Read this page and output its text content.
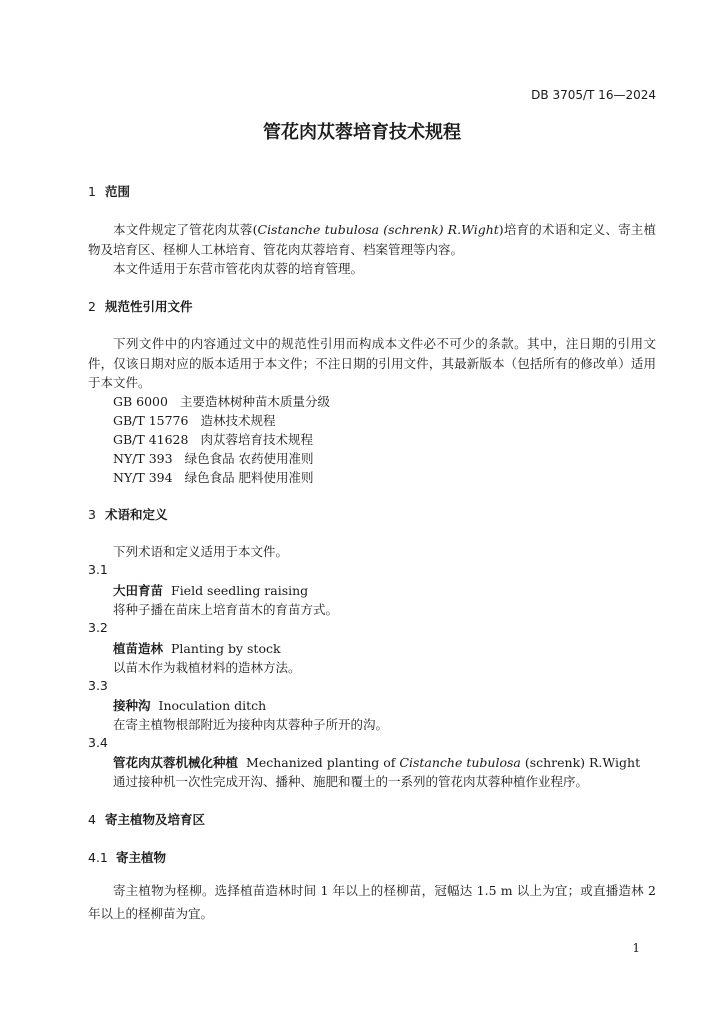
DB 3705/T 16—2024
管花肉苁蓉培育技术规程
1 范围
本文件规定了管花肉苁蓉(Cistanche tubulosa (schrenk) R.Wight)培育的术语和定义、寄主植物及培育区、柽柳人工林培育、管花肉苁蓉培育、档案管理等内容。
本文件适用于东营市管花肉苁蓉的培育管理。
2 规范性引用文件
下列文件中的内容通过文中的规范性引用而构成本文件必不可少的条款。其中，注日期的引用文件，仅该日期对应的版本适用于本文件；不注日期的引用文件，其最新版本（包括所有的修改单）适用于本文件。
GB 6000 主要造林树种苗木质量分级
GB/T 15776 造林技术规程
GB/T 41628 肉苁蓉培育技术规程
NY/T 393 绿色食品 农药使用准则
NY/T 394 绿色食品 肥料使用准则
3 术语和定义
下列术语和定义适用于本文件。
3.1
大田育苗 Field seedling raising
将种子播在苗床上培育苗木的育苗方式。
3.2
植苗造林 Planting by stock
以苗木作为栽植材料的造林方法。
3.3
接种沟 Inoculation ditch
在寄主植物根部附近为接种肉苁蓉种子所开的沟。
3.4
管花肉苁蓉机械化种植 Mechanized planting of Cistanche tubulosa (schrenk) R.Wight
通过接种机一次性完成开沟、播种、施肥和覆土的一系列的管花肉苁蓉种植作业程序。
4 寄主植物及培育区
4.1 寄主植物
寄主植物为柽柳。选择植苗造林时间 1 年以上的柽柳苗，冠幅达 1.5 m 以上为宜；或直播造林 2 年以上的柽柳苗为宜。
1
